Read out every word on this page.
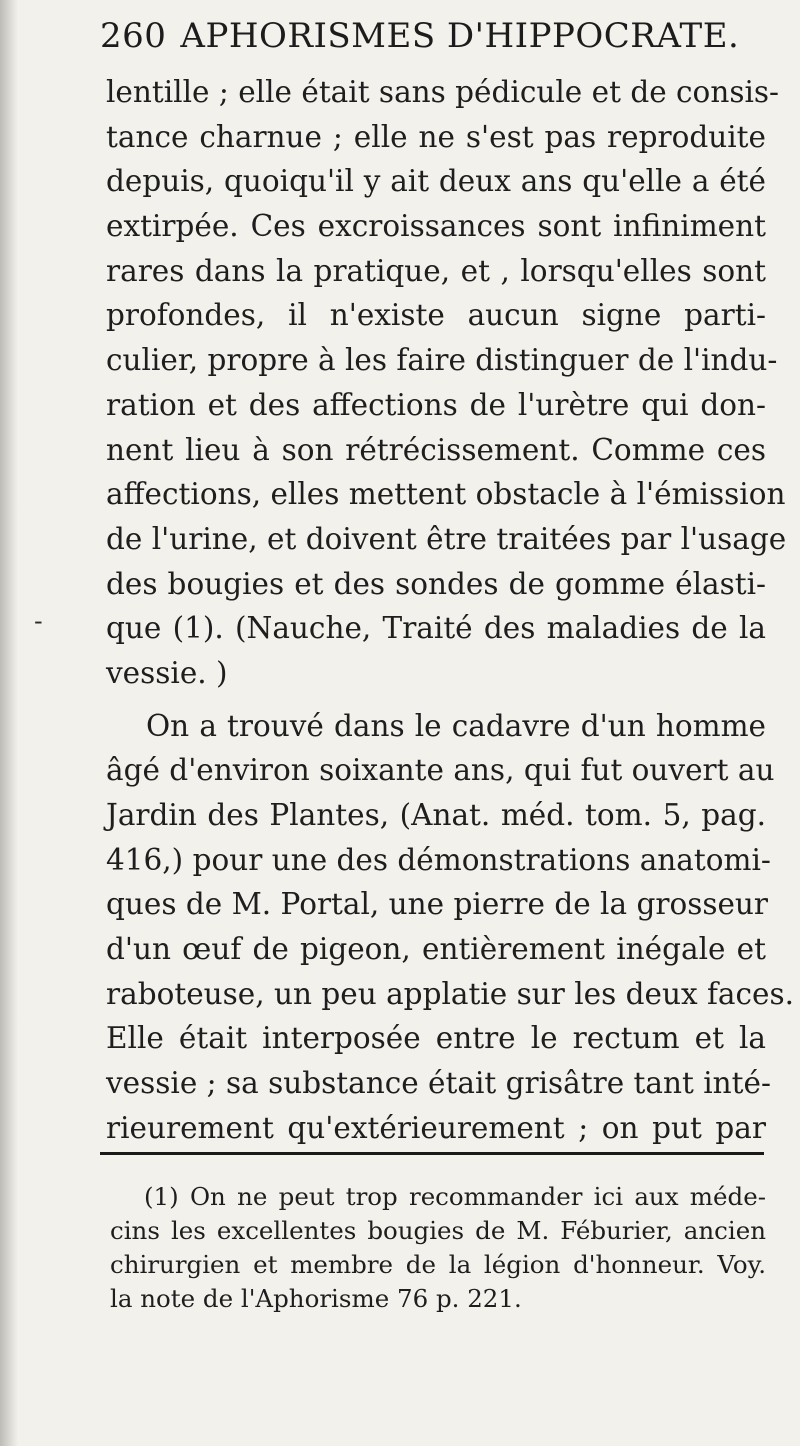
260 APHORISMES D'HIPPOCRATE.
-
lentille ; elle était sans pédicule et de consis-
tance charnue ; elle ne s'est pas reproduite
depuis, quoiqu'il y ait deux ans qu'elle a été
extirpée. Ces excroissances sont infiniment
rares dans la pratique, et , lorsqu'elles sont
profondes, il n'existe aucun signe parti-
culier, propre à les faire distinguer de l'indu-
ration et des affections de l'urètre qui don-
nent lieu à son rétrécissement. Comme ces
affections, elles mettent obstacle à l'émission
de l'urine, et doivent être traitées par l'usage
des bougies et des sondes de gomme élasti-
que (1). (Nauche, Traité des maladies de la
vessie. )
On a trouvé dans le cadavre d'un homme
âgé d'environ soixante ans, qui fut ouvert au
Jardin des Plantes, (Anat. méd. tom. 5, pag.
416,) pour une des démonstrations anatomi-
ques de M. Portal, une pierre de la grosseur
d'un œuf de pigeon, entièrement inégale et
raboteuse, un peu applatie sur les deux faces.
Elle était interposée entre le rectum et la
vessie ; sa substance était grisâtre tant inté-
rieurement qu'extérieurement ; on put par
(1) On ne peut trop recommander ici aux méde-
cins les excellentes bougies de M. Féburier, ancien
chirurgien et membre de la légion d'honneur. Voy.
la note de l'Aphorisme 76 p. 221.
